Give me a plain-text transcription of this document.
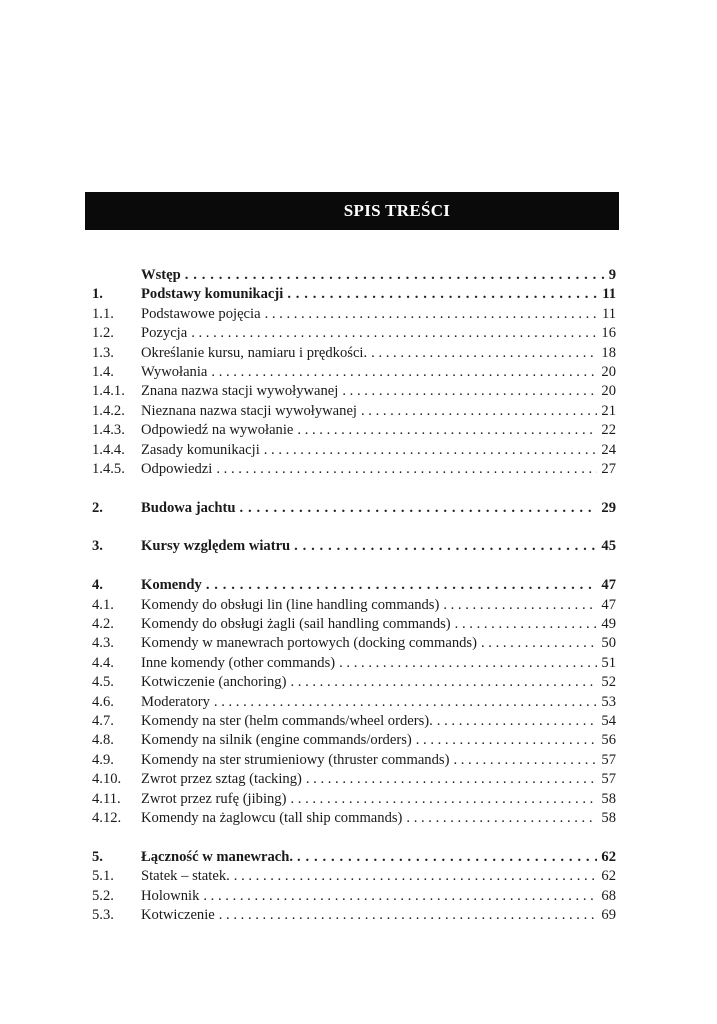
SPIS TREŚCI
Wstęp . . .	9
1.	Podstawy komunikacji . . .	11
1.1.	Podstawowe pojęcia . . .	11
1.2.	Pozycja . . .	16
1.3.	Określanie kursu, namiaru i prędkości. . . .	18
1.4.	Wywołania . . .	20
1.4.1.	Znana nazwa stacji wywoływanej . . .	20
1.4.2.	Nieznana nazwa stacji wywoływanej . . .	21
1.4.3.	Odpowiedź na wywołanie . . .	22
1.4.4.	Zasady komunikacji . . .	24
1.4.5.	Odpowiedzi . . .	27
2.	Budowa jachtu . . .	29
3.	Kursy względem wiatru . . .	45
4.	Komendy . . .	47
4.1.	Komendy do obsługi lin (line handling commands) . . .	47
4.2.	Komendy do obsługi żagli (sail handling commands) . . .	49
4.3.	Komendy w manewrach portowych (docking commands) . . .	50
4.4.	Inne komendy (other commands) . . .	51
4.5.	Kotwiczenie (anchoring) . . .	52
4.6.	Moderatory . . .	53
4.7.	Komendy na ster (helm commands/wheel orders). . . .	54
4.8.	Komendy na silnik (engine commands/orders) . . .	56
4.9.	Komendy na ster strumieniowy (thruster commands) . . .	57
4.10.	Zwrot przez sztag (tacking) . . .	57
4.11.	Zwrot przez rufę (jibing) . . .	58
4.12.	Komendy na żaglowcu (tall ship commands) . . .	58
5.	Łączność w manewrach. . . .	62
5.1.	Statek – statek. . . .	62
5.2.	Holownik . . .	68
5.3.	Kotwiczenie . . .	69
